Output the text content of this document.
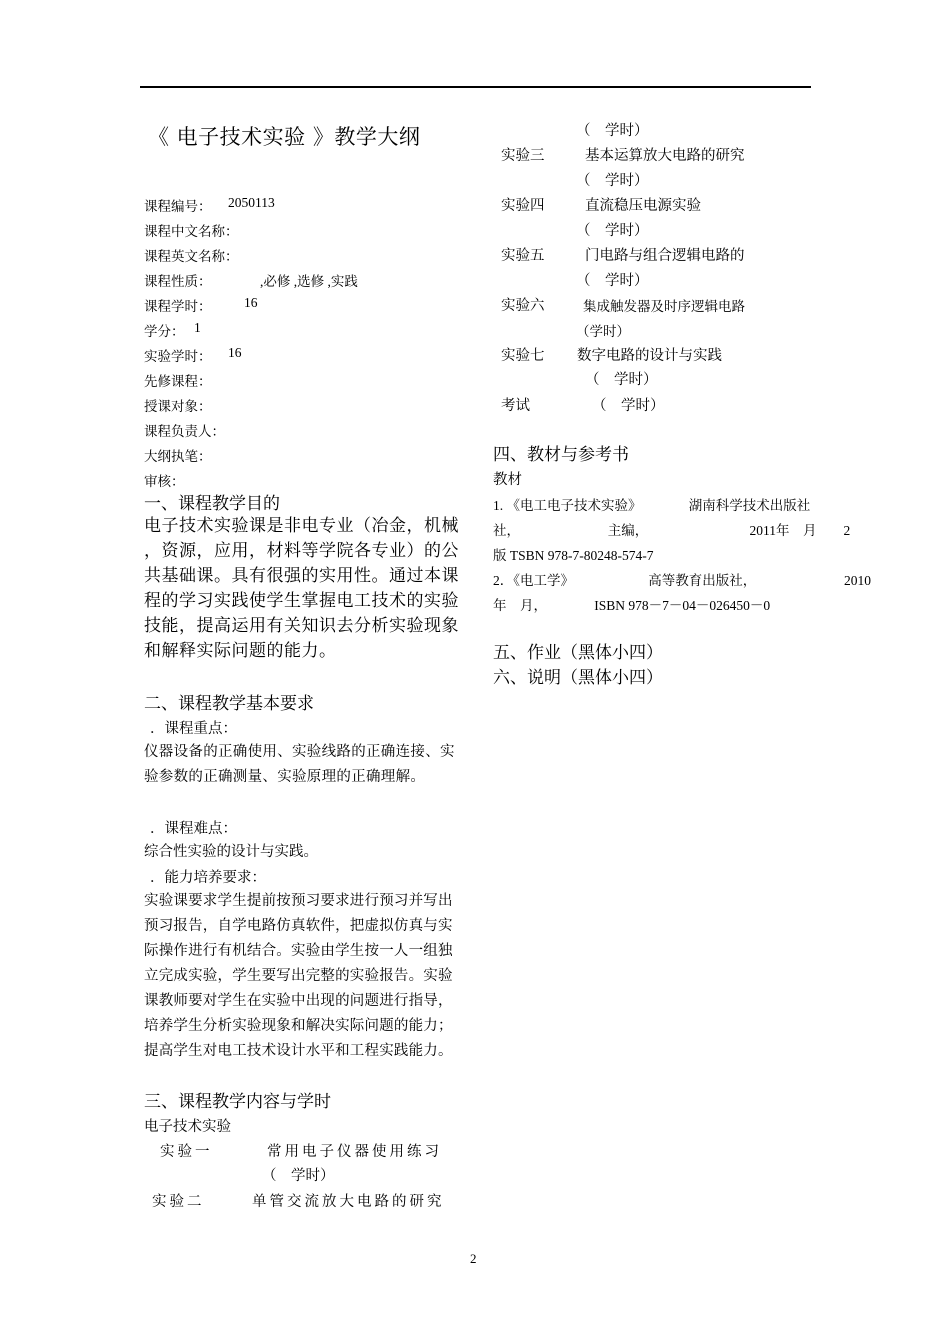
《 电子技术实验 》教学大纲
课程编号： 2050113
课程中文名称：
课程英文名称：
课程性质：	,必修 ,选修 ,实践
课程学时： 16
学分： 1
实验学时： 16
先修课程：
授课对象：
课程负责人：
大纲执笔：
审核：
一、课程教学目的
电子技术实验课是非电专业（冶金，机械 ，资源，应用，材料等学院各专业）的公共基础课。具有很强的实用性。通过本课程的学习实践使学生掌握电工技术的实验技能，提高运用有关知识去分析实验现象和解释实际问题的能力。
二、课程教学基本要求
．课程重点：
仪器设备的正确使用、实验线路的正确连接、实验参数的正确测量、实验原理的正确理解。
．课程难点：
综合性实验的设计与实践。
．能力培养要求：
实验课要求学生提前按预习要求进行预习并写出预习报告，自学电路仿真软件，把虚拟仿真与实际操作进行有机结合。实验由学生按一人一组独立完成实验，学生要写出完整的实验报告。实验课教师要对学生在实验中出现的问题进行指导，培养学生分析实验现象和解决实际问题的能力；提高学生对电工技术设计水平和工程实践能力。
三、课程教学内容与学时
电子技术实验
实验一	常用电子仪器使用练习
（　学时）
实验二	单管交流放大电路的研究
（　学时）
实验三	基本运算放大电路的研究
（　学时）
实验四	直流稳压电源实验
（　学时）
实验五	门电路与组合逻辑电路的
（　学时）
实验六	集成触发器及时序逻辑电路
（学时）
实验七 数字电路的设计与实践
（　学时）
考试	（　学时）
四、教材与参考书
教材
1. 《电工电子技术实验》　　　　湖南科学技术出版社
社，　　　　　　　主编，　　　　　　　　2011年　月　　2
版 TSBN 978-7-80248-574-7
2．《电工学》　　　　　　高等教育出版社，　　　　　　　2010
年　月，　　　　ISBN 978－7－04－026450－0
五、作业（黑体小四）
六、说明（黑体小四）
2
